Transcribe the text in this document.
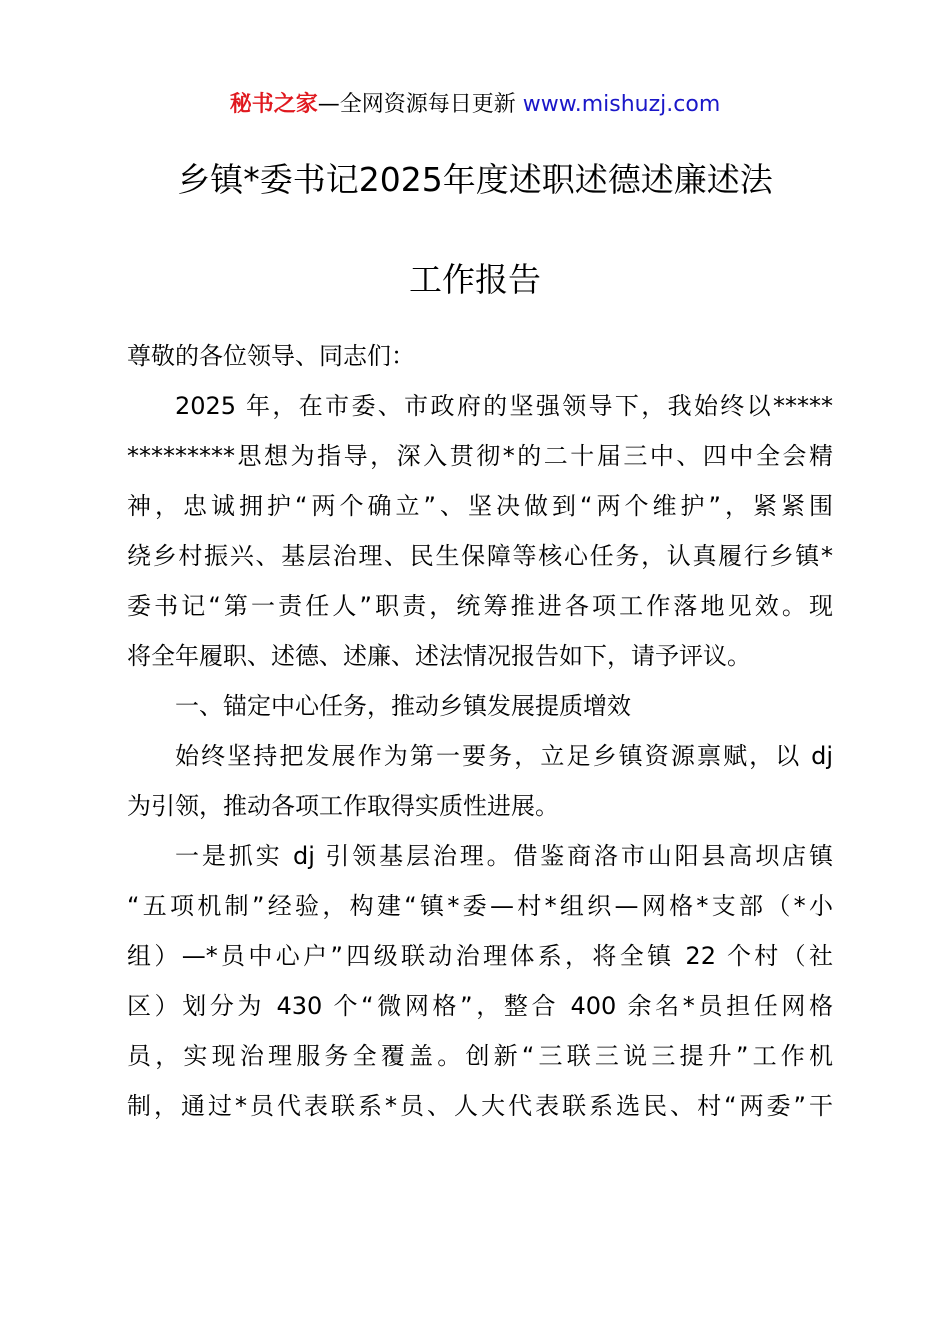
秘书之家—全网资源每日更新 www.mishuzj.com
乡镇*委书记2025年度述职述德述廉述法
工作报告
尊敬的各位领导、同志们：
2025 年，在市委、市政府的坚强领导下，我始终以*****
*********思想为指导，深入贯彻*的二十届三中、四中全会精
神，忠诚拥护“两个确立”、坚决做到“两个维护”，紧紧围
绕乡村振兴、基层治理、民生保障等核心任务，认真履行乡镇*
委书记“第一责任人”职责，统筹推进各项工作落地见效。现
将全年履职、述德、述廉、述法情况报告如下，请予评议。
一、锚定中心任务，推动乡镇发展提质增效
始终坚持把发展作为第一要务，立足乡镇资源禀赋，以 dj
为引领，推动各项工作取得实质性进展。
一是抓实 dj 引领基层治理。借鉴商洛市山阳县高坝店镇
“五项机制”经验，构建“镇*委—村*组织—网格*支部（*小
组）—*员中心户”四级联动治理体系，将全镇 22 个村（社
区）划分为 430 个“微网格”，整合 400 余名*员担任网格
员，实现治理服务全覆盖。创新“三联三说三提升”工作机
制，通过*员代表联系*员、人大代表联系选民、村“两委”干
